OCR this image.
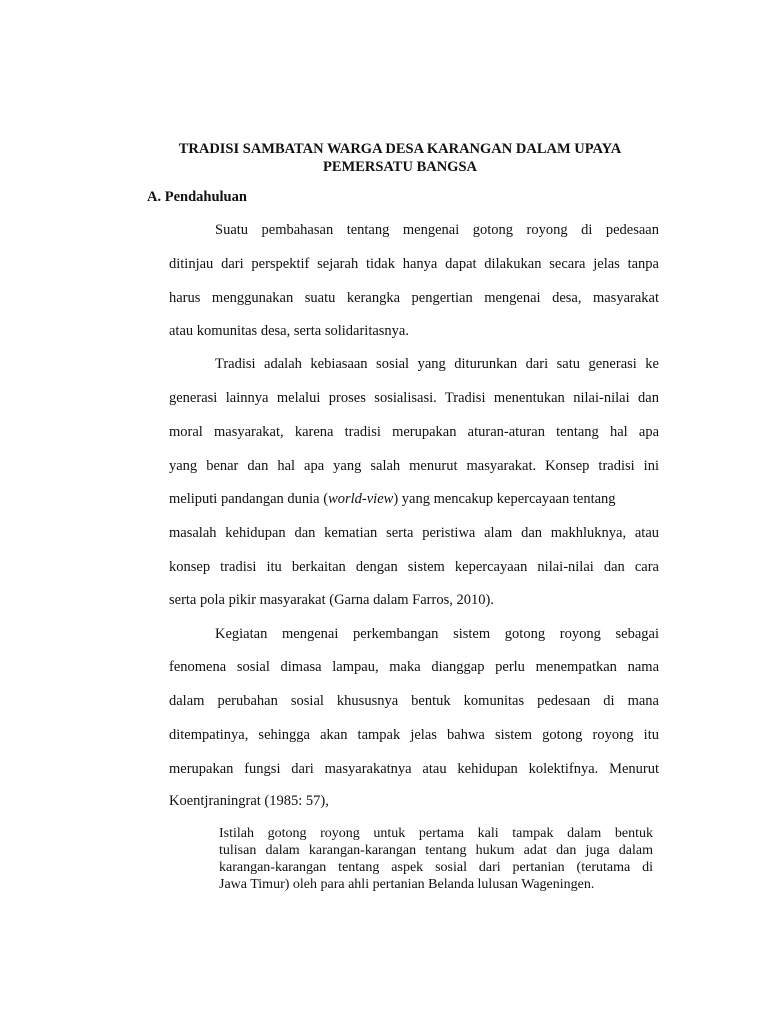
TRADISI SAMBATAN WARGA DESA KARANGAN DALAM UPAYA
PEMERSATU BANGSA
A. Pendahuluan
Suatu pembahasan tentang mengenai gotong royong di pedesaan
ditinjau dari perspektif sejarah tidak hanya dapat dilakukan secara jelas tanpa
harus menggunakan suatu kerangka pengertian mengenai desa, masyarakat
atau komunitas desa, serta solidaritasnya.
Tradisi adalah kebiasaan sosial yang diturunkan dari satu generasi ke
generasi lainnya melalui proses sosialisasi. Tradisi menentukan nilai-nilai dan
moral masyarakat, karena tradisi merupakan aturan-aturan tentang hal apa
yang benar dan hal apa yang salah menurut masyarakat. Konsep tradisi ini
meliputi pandangan dunia (world-view) yang mencakup kepercayaan tentang
masalah kehidupan dan kematian serta peristiwa alam dan makhluknya, atau
konsep tradisi itu berkaitan dengan sistem kepercayaan nilai-nilai dan cara
serta pola pikir masyarakat (Garna dalam Farros, 2010).
Kegiatan mengenai perkembangan sistem gotong royong sebagai
fenomena sosial dimasa lampau, maka dianggap perlu menempatkan nama
dalam perubahan sosial khususnya bentuk komunitas pedesaan di mana
ditempatinya, sehingga akan tampak jelas bahwa sistem gotong royong itu
merupakan fungsi dari masyarakatnya atau kehidupan kolektifnya. Menurut
Koentjraningrat (1985: 57),
Istilah gotong royong untuk pertama kali tampak dalam bentuk
tulisan dalam karangan-karangan tentang hukum adat dan juga dalam
karangan-karangan tentang aspek sosial dari pertanian (terutama di
Jawa Timur) oleh para ahli pertanian Belanda lulusan Wageningen.
